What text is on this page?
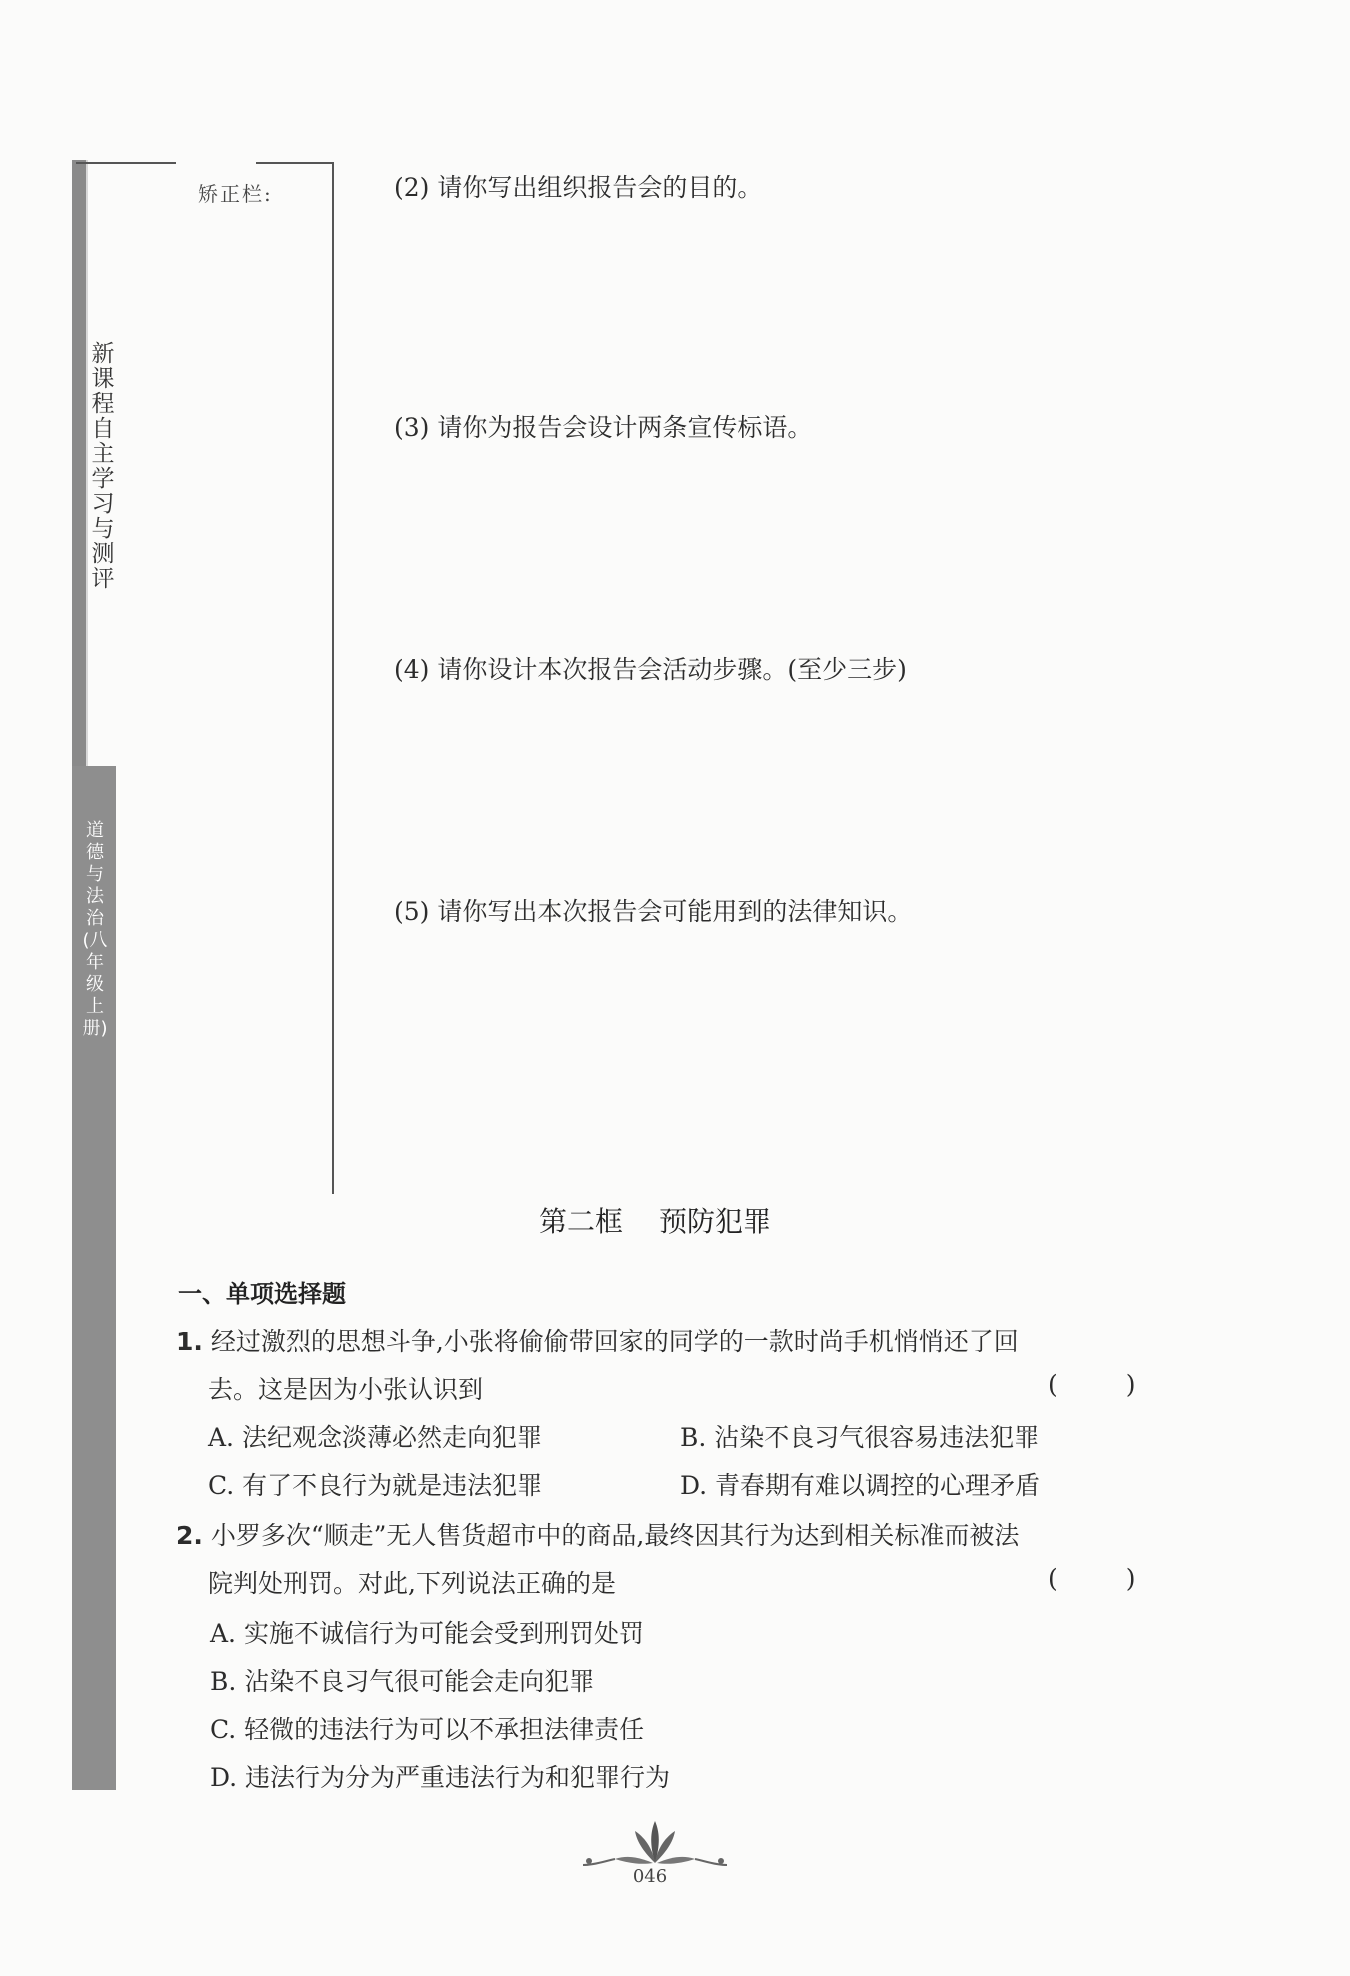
新课程自主学习与测评
道德与法治(八年级上册)
矫正栏:	(2) 请你写出组织报告会的目的。
(3) 请你为报告会设计两条宣传标语。
(4) 请你设计本次报告会活动步骤。(至少三步)
(5) 请你写出本次报告会可能用到的法律知识。
第二框 预防犯罪
一、单项选择题
1. 经过激烈的思想斗争,小张将偷偷带回家的同学的一款时尚手机悄悄还了回
去。这是因为小张认识到	( )
A. 法纪观念淡薄必然走向犯罪	B. 沾染不良习气很容易违法犯罪
C. 有了不良行为就是违法犯罪	D. 青春期有难以调控的心理矛盾
2. 小罗多次“顺走”无人售货超市中的商品,最终因其行为达到相关标准而被法
院判处刑罚。对此,下列说法正确的是	( )
A. 实施不诚信行为可能会受到刑罚处罚
B. 沾染不良习气很可能会走向犯罪
C. 轻微的违法行为可以不承担法律责任
D. 违法行为分为严重违法行为和犯罪行为
046
